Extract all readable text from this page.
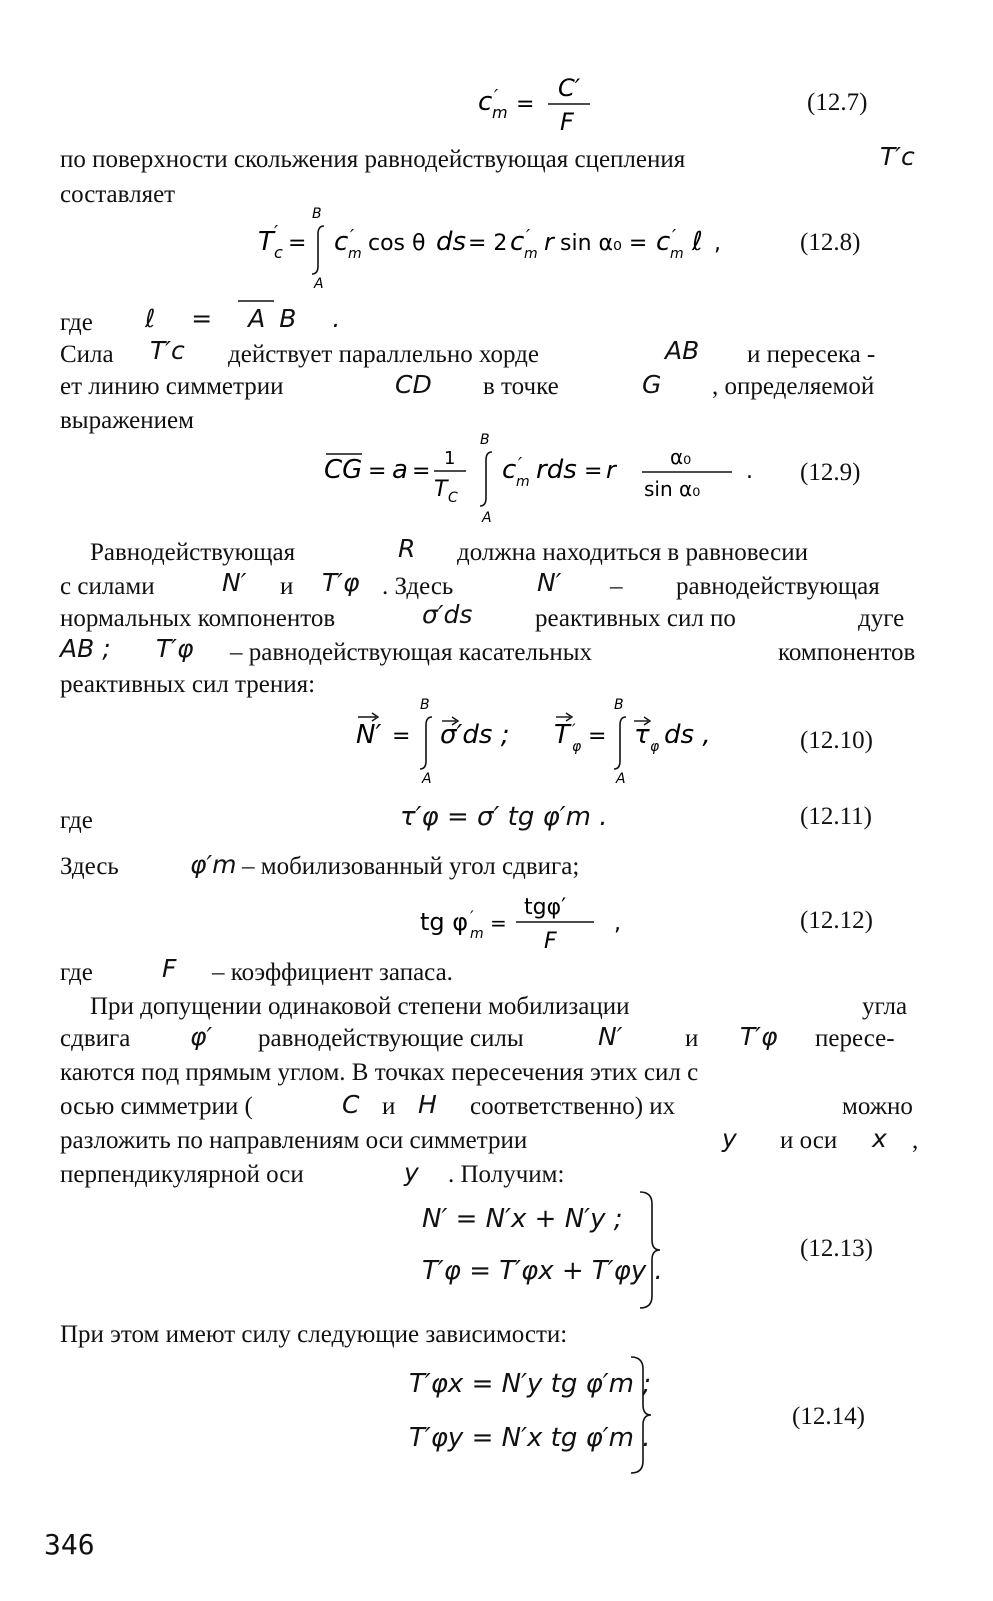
c ′
m =
C′
F
(12.7)
по поверхности скольжения равнодействующая сцепления	T′c
составляет
T ′
c =
B
A
c ′
m cos θ ds = 2 c ′
m r sin α₀ = c ′
m ℓ ,	(12.8)
где ℓ = AB .
Сила T′c действует параллельно хорде	AB и пересека -
ет линию симметрии	CD в точке	G , определяемой
выражением
CG = a =
1
T C
B
A
c ′
m rds = r	α₀
sin α₀
. (12.9)
Равнодействующая	R должна находиться в равновесии
с силами	N′ и T′φ . Здесь	N′ – равнодействующая
нормальных компонентов	σ′ds	реактивных сил по	дуге
AB ; T′φ – равнодействующая касательных	компонентов
реактивных сил трения:
N′ =
B
A
σ′ds ; T ′
φ =
B
A
τ φ ds ,	(12.10)
где	τ′φ = σ′ tg φ′m .	(12.11)
Здесь	φ′m – мобилизованный угол сдвига;
tg φ ′
m =
tgφ′
F
,	(12.12)
где	F – коэффициент запаса.
При допущении одинаковой степени мобилизации	угла
сдвига φ′ равнодействующие силы	N′	и T′φ пересе-
каются под прямым углом. В точках пересечения этих сил с
осью симметрии (	C и H соответственно) их	можно
разложить по направлениям оси симметрии	y и оси x ,
перпендикулярной оси	y . Получим:
N′ = N′x + N′y ;
T′φ = T′φx + T′φy .
(12.13)
При этом имеют силу следующие зависимости:
T′φx = N′y tg φ′m ;
T′φy = N′x tg φ′m .
(12.14)
346
